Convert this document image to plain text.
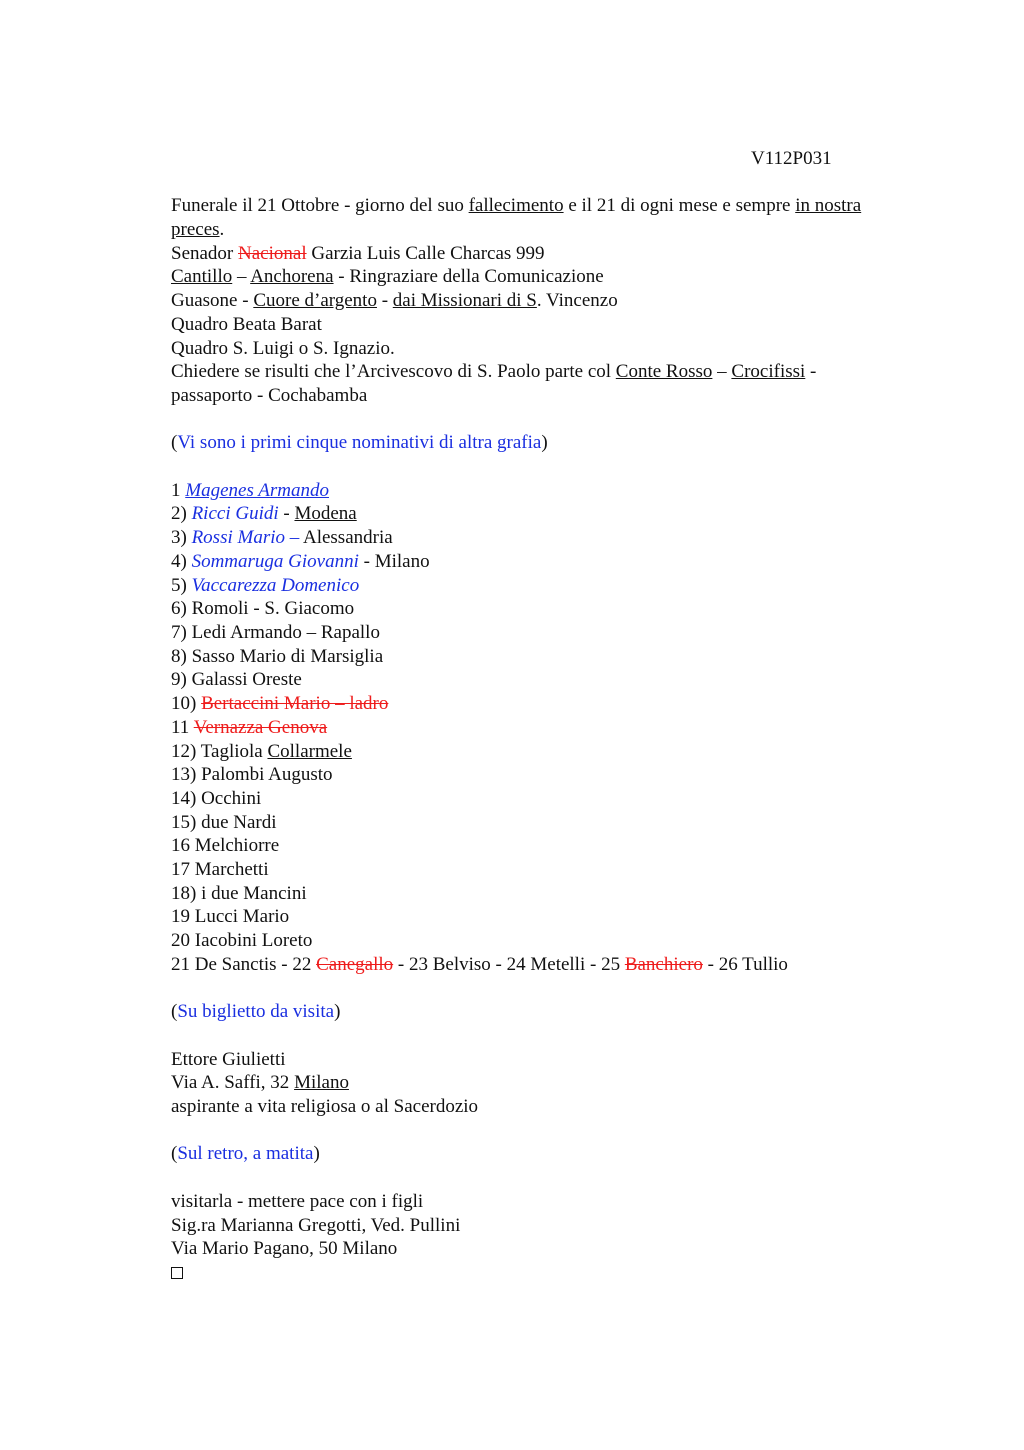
V112P031

Funerale il 21 Ottobre - giorno del suo fallecimento e il 21 di ogni mese e sempre in nostra

preces.

Senador Nacional Garzia Luis Calle Charcas 999

Cantillo – Anchorena - Ringraziare della Comunicazione

Guasone - Cuore d’argento - dai Missionari di S. Vincenzo

Quadro Beata Barat

Quadro S. Luigi o S. Ignazio.

Chiedere se risulti che l’Arcivescovo di S. Paolo parte col Conte Rosso – Crocifissi -

passaporto - Cochabamba

(Vi sono i primi cinque nominativi di altra grafia)

1 Magenes Armando

2) Ricci Guidi - Modena

3) Rossi Mario – Alessandria

4) Sommaruga Giovanni - Milano

5) Vaccarezza Domenico

6) Romoli - S. Giacomo

7) Ledi Armando – Rapallo

8) Sasso Mario di Marsiglia

9) Galassi Oreste

10) Bertaccini Mario – ladro

11 Vernazza Genova

12) Tagliola Collarmele

13) Palombi Augusto

14) Occhini

15) due Nardi

16 Melchiorre

17 Marchetti

18) i due Mancini

19 Lucci Mario

20 Iacobini Loreto

21 De Sanctis - 22 Canegallo - 23 Belviso - 24 Metelli - 25 Banchiero - 26 Tullio

(Su biglietto da visita)

Ettore Giulietti

Via A. Saffi, 32 Milano

aspirante a vita religiosa o al Sacerdozio

(Sul retro, a matita)

visitarla - mettere pace con i figli

Sig.ra Marianna Gregotti, Ved. Pullini

Via Mario Pagano, 50 Milano
